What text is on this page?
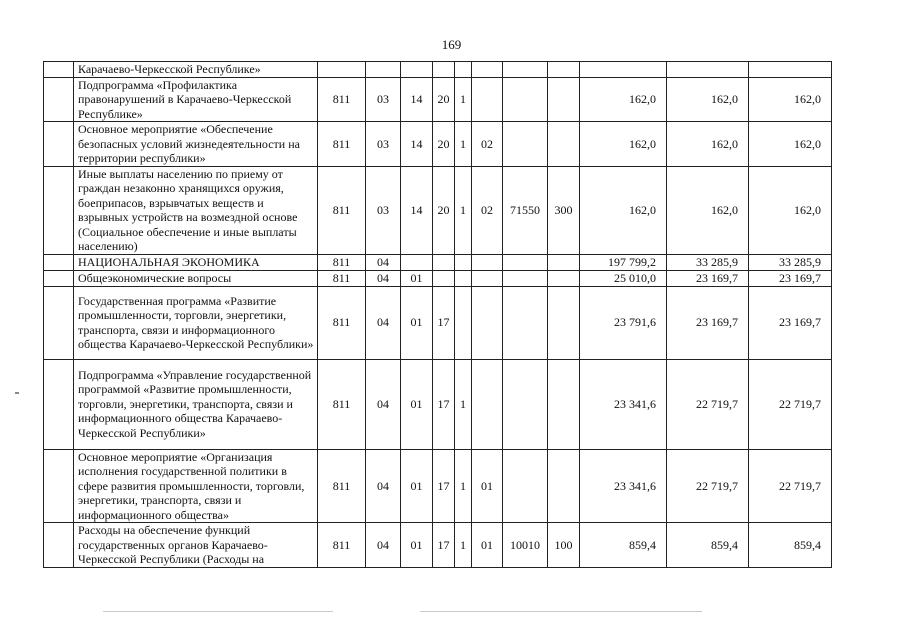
169
	Карачаево-Черкесской Республике»											
	Подпрограмма «Профилактика правонарушений в Карачаево-Черкесской Республике»	811	03	14	20	1				162,0	162,0	162,0
	Основное мероприятие «Обеспечение безопасных условий жизнедеятельности на территории республики»	811	03	14	20	1	02			162,0	162,0	162,0
	Иные выплаты населению по приему от граждан незаконно хранящихся оружия, боеприпасов, взрывчатых веществ и взрывных устройств на возмездной основе (Социальное обеспечение и иные выплаты населению)	811	03	14	20	1	02	71550	300	162,0	162,0	162,0
	НАЦИОНАЛЬНАЯ ЭКОНОМИКА	811	04							197 799,2	33 285,9	33 285,9
	Общеэкономические вопросы	811	04	01						25 010,0	23 169,7	23 169,7
	Государственная программа «Развитие промышленности, торговли, энергетики, транспорта, связи и информационного общества Карачаево-Черкесской Республики»	811	04	01	17					23 791,6	23 169,7	23 169,7
	Подпрограмма «Управление государственной программой «Развитие промышленности, торговли, энергетики, транспорта, связи и информационного общества Карачаево-Черкесской Республики»	811	04	01	17	1				23 341,6	22 719,7	22 719,7
	Основное мероприятие «Организация исполнения государственной политики в сфере развития промышленности, торговли, энергетики, транспорта, связи и информационного общества»	811	04	01	17	1	01			23 341,6	22 719,7	22 719,7
	Расходы на обеспечение функций государственных органов Карачаево-Черкесской Республики (Расходы на	811	04	01	17	1	01	10010	100	859,4	859,4	859,4
